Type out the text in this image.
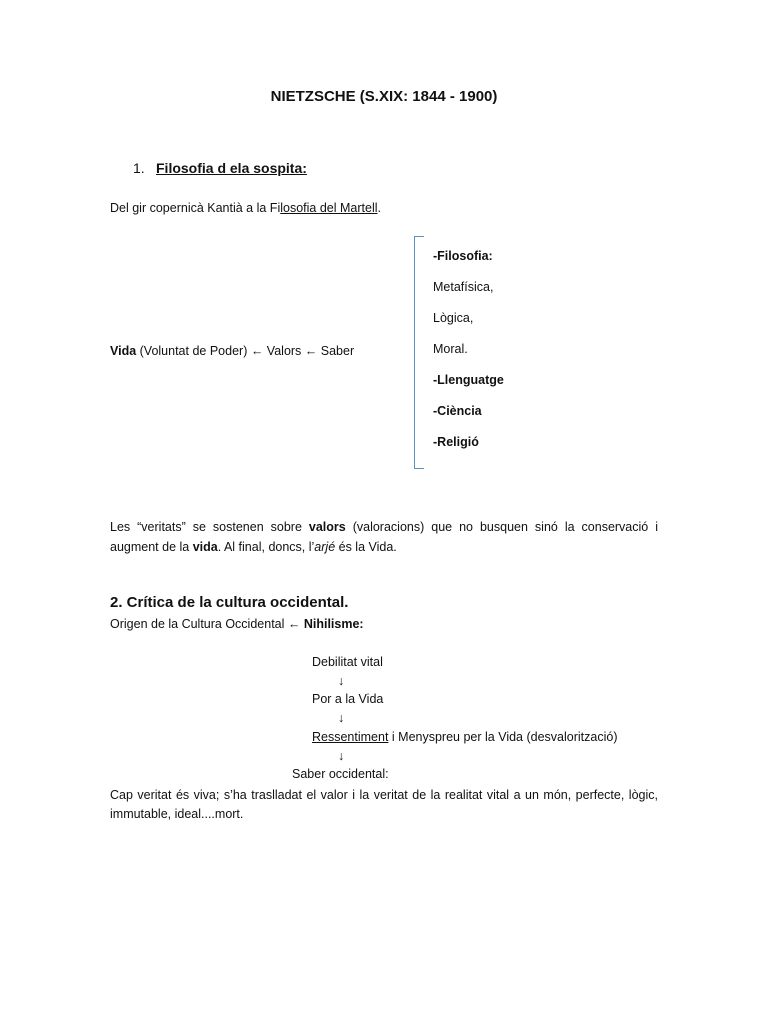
NIETZSCHE (S.XIX: 1844 - 1900)
1. Filosofia d ela sospita:
Del gir copernicà Kantià a la Filosofia del Martell.
Vida (Voluntat de Poder) ← Valors ← Saber
-Filosofia:
Metafísica,
Lògica,
Moral.
-Llenguatge
-Ciència
-Religió
Les “veritats” se sostenen sobre valors (valoracions) que no busquen sinó la conservació i augment de la vida. Al final, doncs, l’arjé és la Vida.
2. Crítica de la cultura occidental.
Origen de la Cultura Occidental ← Nihilisme:
Debilitat vital
↓
Por a la Vida
↓
Ressentiment i Menyspreu per la Vida (desvalorització)
↓
Saber occidental:
Cap veritat és viva; s’ha traslladat el valor i la veritat de la realitat vital a un món, perfecte, lògic, immutable, ideal....mort.
